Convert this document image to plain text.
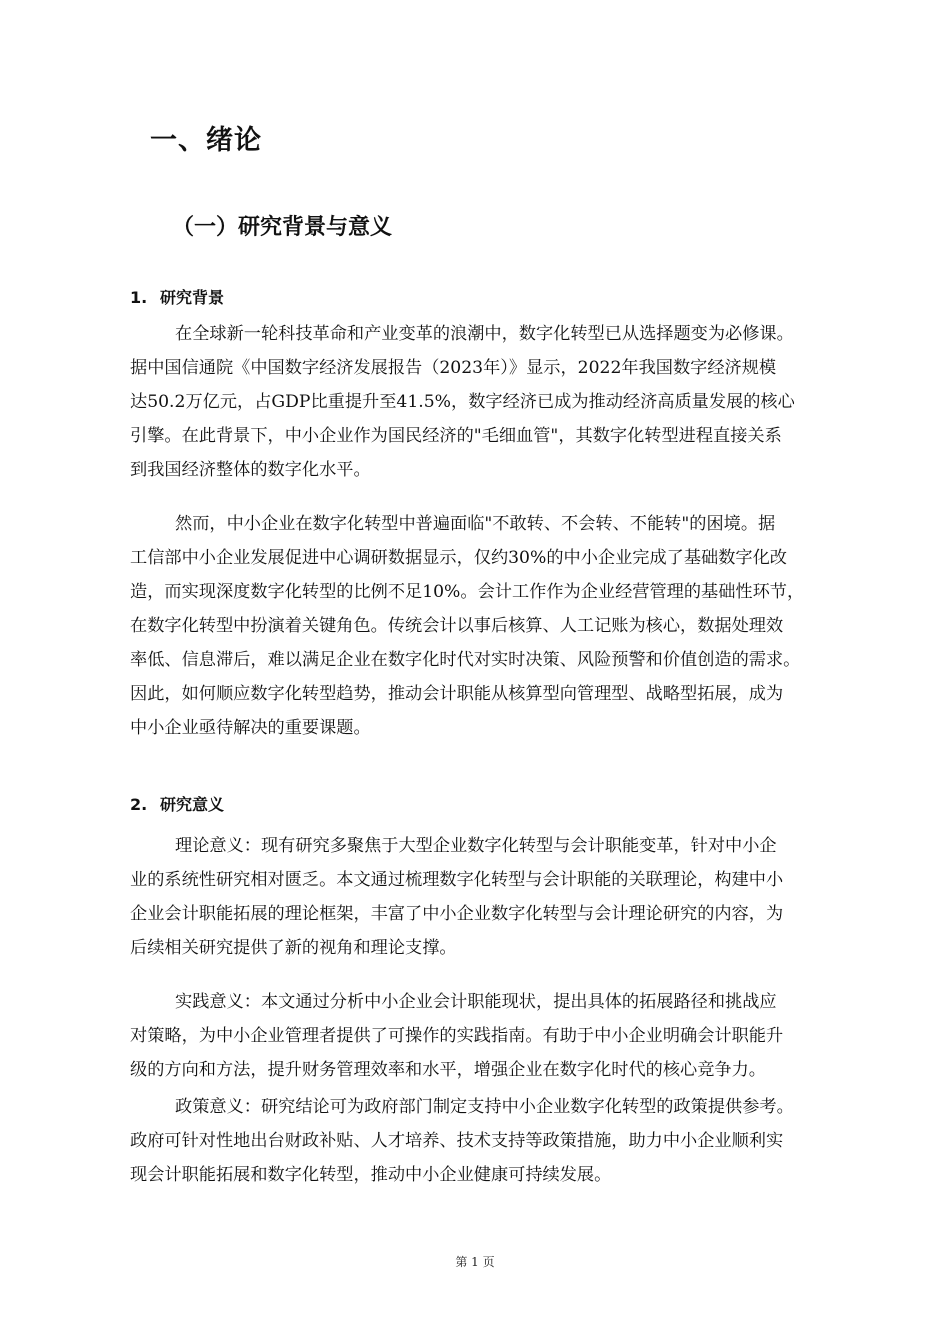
一、绪论
（一）研究背景与意义
1. 研究背景
在全球新一轮科技革命和产业变革的浪潮中，数字化转型已从选择题变为必修课。
据中国信通院《中国数字经济发展报告（2023年）》显示，2022年我国数字经济规模
达50.2万亿元，占GDP比重提升至41.5%，数字经济已成为推动经济高质量发展的核心
引擎。在此背景下，中小企业作为国民经济的"毛细血管"，其数字化转型进程直接关系
到我国经济整体的数字化水平。
然而，中小企业在数字化转型中普遍面临"不敢转、不会转、不能转"的困境。据
工信部中小企业发展促进中心调研数据显示，仅约30%的中小企业完成了基础数字化改
造，而实现深度数字化转型的比例不足10%。会计工作作为企业经营管理的基础性环节，
在数字化转型中扮演着关键角色。传统会计以事后核算、人工记账为核心，数据处理效
率低、信息滞后，难以满足企业在数字化时代对实时决策、风险预警和价值创造的需求。
因此，如何顺应数字化转型趋势，推动会计职能从核算型向管理型、战略型拓展，成为
中小企业亟待解决的重要课题。
2. 研究意义
理论意义：现有研究多聚焦于大型企业数字化转型与会计职能变革，针对中小企
业的系统性研究相对匮乏。本文通过梳理数字化转型与会计职能的关联理论，构建中小
企业会计职能拓展的理论框架，丰富了中小企业数字化转型与会计理论研究的内容，为
后续相关研究提供了新的视角和理论支撑。
实践意义：本文通过分析中小企业会计职能现状，提出具体的拓展路径和挑战应
对策略，为中小企业管理者提供了可操作的实践指南。有助于中小企业明确会计职能升
级的方向和方法，提升财务管理效率和水平，增强企业在数字化时代的核心竞争力。
政策意义：研究结论可为政府部门制定支持中小企业数字化转型的政策提供参考。
政府可针对性地出台财政补贴、人才培养、技术支持等政策措施，助力中小企业顺利实
现会计职能拓展和数字化转型，推动中小企业健康可持续发展。
第 1 页
